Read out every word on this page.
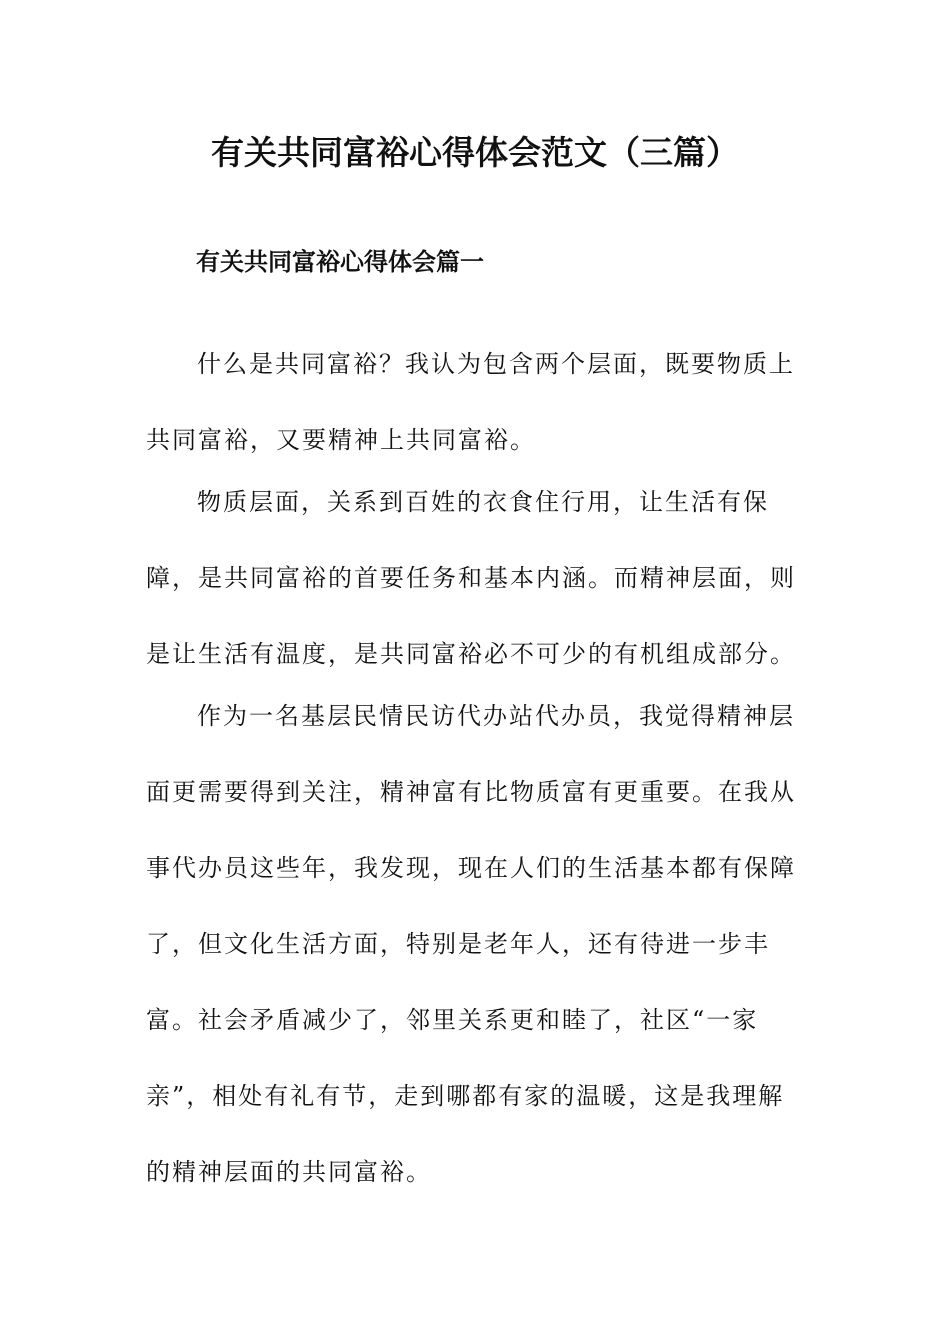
有关共同富裕心得体会范文（三篇）
有关共同富裕心得体会篇一
什么是共同富裕？我认为包含两个层面，既要物质上
共同富裕，又要精神上共同富裕。
物质层面，关系到百姓的衣食住行用，让生活有保
障，是共同富裕的首要任务和基本内涵。而精神层面，则
是让生活有温度，是共同富裕必不可少的有机组成部分。
作为一名基层民情民访代办站代办员，我觉得精神层
面更需要得到关注，精神富有比物质富有更重要。在我从
事代办员这些年，我发现，现在人们的生活基本都有保障
了，但文化生活方面，特别是老年人，还有待进一步丰
富。社会矛盾减少了，邻里关系更和睦了，社区“一家
亲”，相处有礼有节，走到哪都有家的温暖，这是我理解
的精神层面的共同富裕。
